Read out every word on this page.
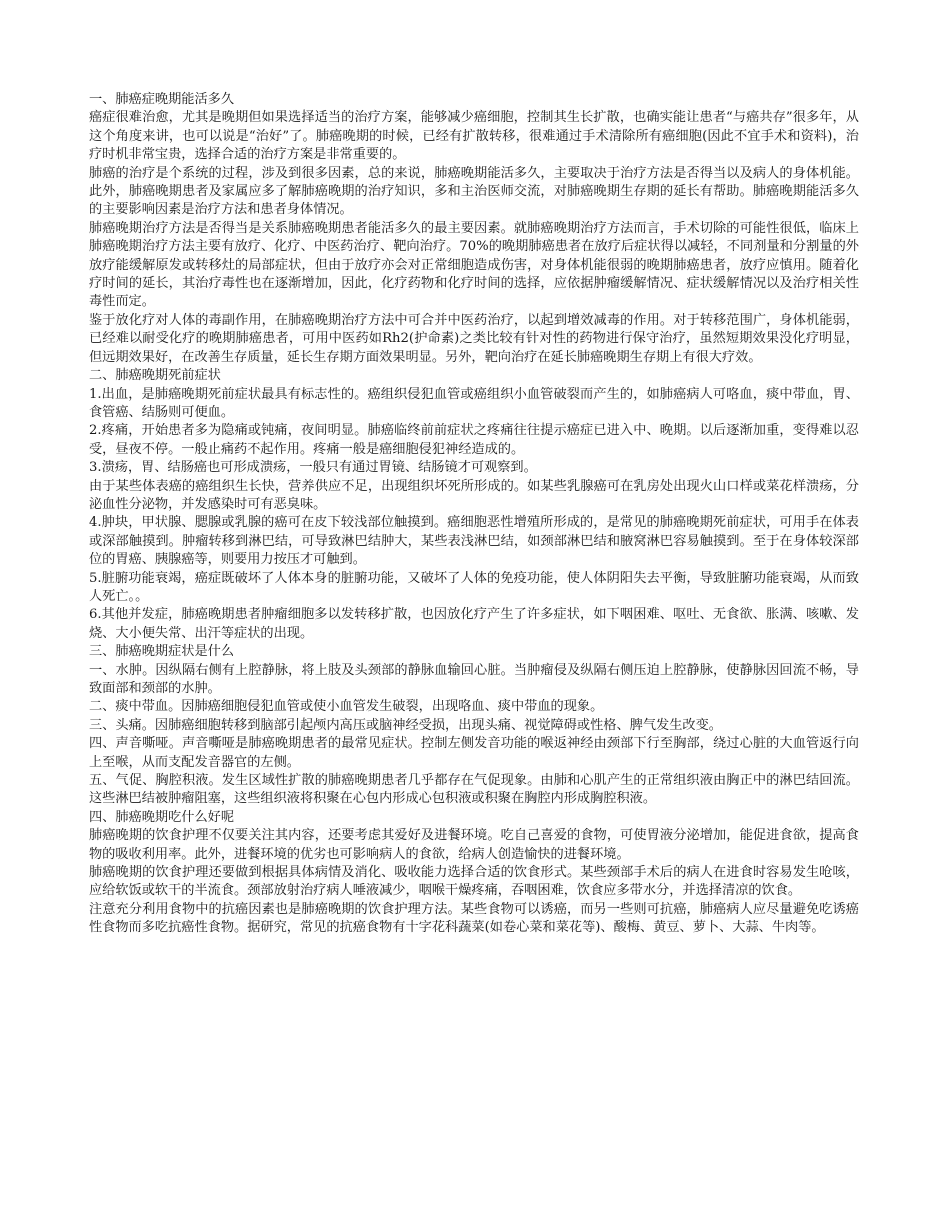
一、肺癌症晚期能活多久

癌症很难治愈，尤其是晚期但如果选择适当的治疗方案，能够减少癌细胞，控制其生长扩散，也确实能让患者“与癌共存”很多年，从这个角度来讲，也可以说是“治好”了。肺癌晚期的时候，已经有扩散转移，很难通过手术清除所有癌细胞(因此不宜手术和资料)，治疗时机非常宝贵，选择合适的治疗方案是非常重要的。

肺癌的治疗是个系统的过程，涉及到很多因素，总的来说，肺癌晚期能活多久，主要取决于治疗方法是否得当以及病人的身体机能。此外，肺癌晚期患者及家属应多了解肺癌晚期的治疗知识，多和主治医师交流，对肺癌晚期生存期的延长有帮助。肺癌晚期能活多久的主要影响因素是治疗方法和患者身体情况。

肺癌晚期治疗方法是否得当是关系肺癌晚期患者能活多久的最主要因素。就肺癌晚期治疗方法而言，手术切除的可能性很低，临床上肺癌晚期治疗方法主要有放疗、化疗、中医药治疗、靶向治疗。70%的晚期肺癌患者在放疗后症状得以减轻，不同剂量和分割量的外放疗能缓解原发或转移灶的局部症状，但由于放疗亦会对正常细胞造成伤害，对身体机能很弱的晚期肺癌患者，放疗应慎用。随着化疗时间的延长，其治疗毒性也在逐渐增加，因此，化疗药物和化疗时间的选择，应依据肿瘤缓解情况、症状缓解情况以及治疗相关性毒性而定。

鉴于放化疗对人体的毒副作用，在肺癌晚期治疗方法中可合并中医药治疗，以起到增效减毒的作用。对于转移范围广，身体机能弱，已经难以耐受化疗的晚期肺癌患者，可用中医药如Rh2(护命素)之类比较有针对性的药物进行保守治疗，虽然短期效果没化疗明显，但远期效果好，在改善生存质量，延长生存期方面效果明显。另外，靶向治疗在延长肺癌晚期生存期上有很大疗效。

二、肺癌晚期死前症状

1.出血，是肺癌晚期死前症状最具有标志性的。癌组织侵犯血管或癌组织小血管破裂而产生的，如肺癌病人可咯血，痰中带血，胃、食管癌、结肠则可便血。

2.疼痛，开始患者多为隐痛或钝痛，夜间明显。肺癌临终前前症状之疼痛往往提示癌症已进入中、晚期。以后逐渐加重，变得难以忍受，昼夜不停。一般止痛药不起作用。疼痛一般是癌细胞侵犯神经造成的。

3.溃疡，胃、结肠癌也可形成溃疡，一般只有通过胃镜、结肠镜才可观察到。

由于某些体表癌的癌组织生长快，营养供应不足，出现组织坏死所形成的。如某些乳腺癌可在乳房处出现火山口样或菜花样溃疡，分泌血性分泌物，并发感染时可有恶臭味。

4.肿块，甲状腺、腮腺或乳腺的癌可在皮下较浅部位触摸到。癌细胞恶性增殖所形成的，是常见的肺癌晚期死前症状，可用手在体表或深部触摸到。肿瘤转移到淋巴结，可导致淋巴结肿大，某些表浅淋巴结，如颈部淋巴结和腋窝淋巴容易触摸到。至于在身体较深部位的胃癌、胰腺癌等，则要用力按压才可触到。

5.脏腑功能衰竭，癌症既破坏了人体本身的脏腑功能，又破坏了人体的免疫功能，使人体阴阳失去平衡，导致脏腑功能衰竭，从而致人死亡。。

6.其他并发症，肺癌晚期患者肿瘤细胞多以发转移扩散，也因放化疗产生了许多症状，如下咽困难、呕吐、无食欲、胀满、咳嗽、发烧、大小便失常、出汗等症状的出现。

三、肺癌晚期症状是什么

一、水肿。因纵隔右侧有上腔静脉，将上肢及头颈部的静脉血输回心脏。当肿瘤侵及纵隔右侧压迫上腔静脉，使静脉因回流不畅，导致面部和颈部的水肿。

二、痰中带血。因肺癌细胞侵犯血管或使小血管发生破裂，出现咯血、痰中带血的现象。

三、头痛。因肺癌细胞转移到脑部引起颅内高压或脑神经受损，出现头痛、视觉障碍或性格、脾气发生改变。

四、声音嘶哑。声音嘶哑是肺癌晚期患者的最常见症状。控制左侧发音功能的喉返神经由颈部下行至胸部，绕过心脏的大血管返行向上至喉，从而支配发音器官的左侧。

五、气促、胸腔积液。发生区域性扩散的肺癌晚期患者几乎都存在气促现象。由肺和心肌产生的正常组织液由胸正中的淋巴结回流。这些淋巴结被肿瘤阻塞，这些组织液将积聚在心包内形成心包积液或积聚在胸腔内形成胸腔积液。

四、肺癌晚期吃什么好呢

肺癌晚期的饮食护理不仅要关注其内容，还要考虑其爱好及进餐环境。吃自己喜爱的食物，可使胃液分泌增加，能促进食欲，提高食物的吸收利用率。此外，进餐环境的优劣也可影响病人的食欲，给病人创造愉快的进餐环境。

肺癌晚期的饮食护理还要做到根据具体病情及消化、吸收能力选择合适的饮食形式。某些颈部手术后的病人在进食时容易发生呛咳，应给软饭或软干的半流食。颈部放射治疗病人唾液减少，咽喉干燥疼痛，吞咽困难，饮食应多带水分，并选择清凉的饮食。

注意充分利用食物中的抗癌因素也是肺癌晚期的饮食护理方法。某些食物可以诱癌，而另一些则可抗癌，肺癌病人应尽量避免吃诱癌性食物而多吃抗癌性食物。据研究，常见的抗癌食物有十字花科蔬菜(如卷心菜和菜花等)、酸梅、黄豆、萝卜、大蒜、牛肉等。
